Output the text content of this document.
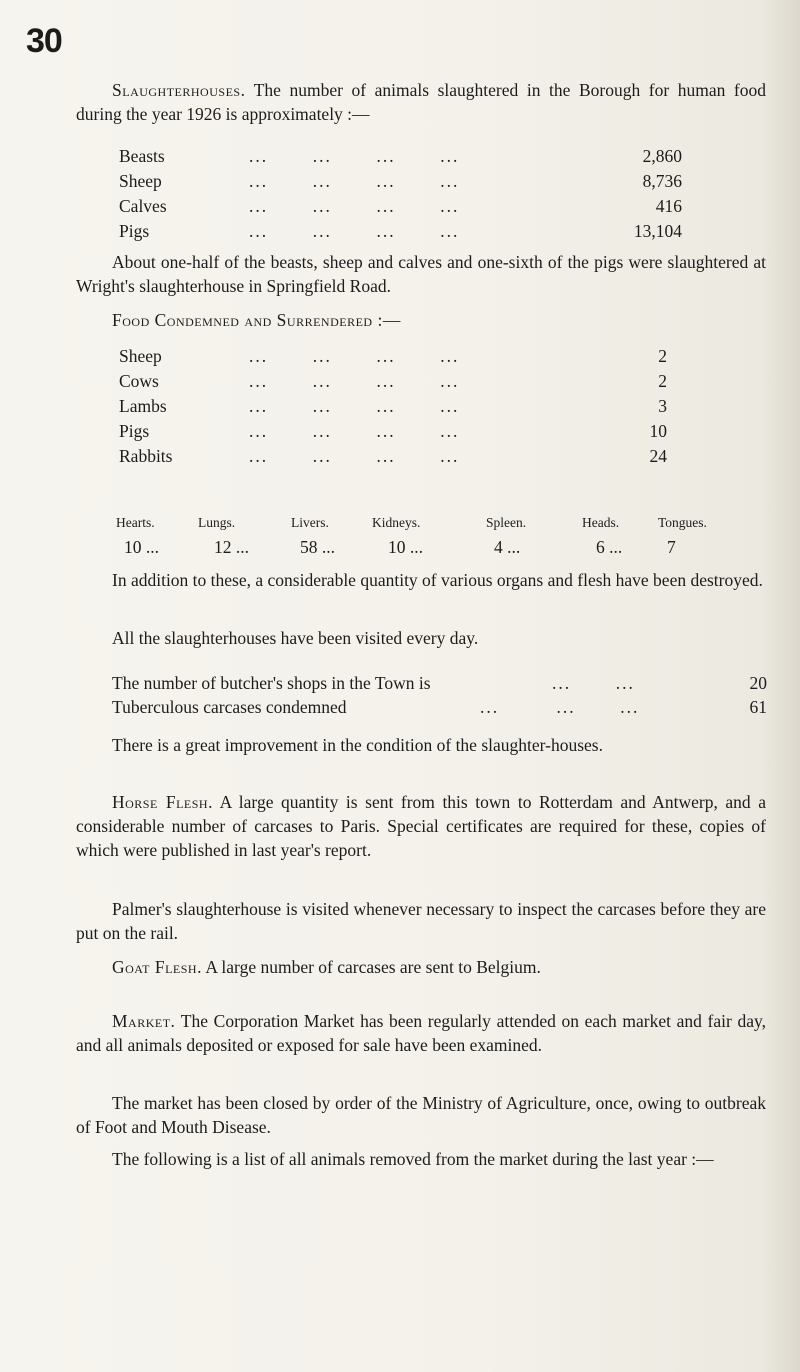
30

Slaughterhouses. The number of animals slaughtered in the Borough for human food during the year 1926 is approximately :—

Beasts	...       ...       ...       ...	2,860
Sheep	...       ...       ...       ...	8,736
Calves	...       ...       ...       ...	416
Pigs	...       ...       ...       ...	13,104

About one-half of the beasts, sheep and calves and one-sixth of the pigs were slaughtered at Wright's slaughterhouse in Springfield Road.

Food Condemned and Surrendered :—
Sheep	...       ...       ...       ...	2
Cows	...       ...       ...       ...	2
Lambs	...       ...       ...       ...	3
Pigs	...       ...       ...       ...	10
Rabbits	...       ...       ...       ...	24
Hearts.	Lungs.	Livers.	Kidneys.	Spleen.	Heads.	Tongues.
10 ...	12 ...	58 ...	10 ...	4 ...	6 ...	7

In addition to these, a considerable quantity of various organs and flesh have been destroyed.

All the slaughterhouses have been visited every day.

The number of butcher's shops in the Town is	...       ...	20
Tuberculous carcases condemned	...         ...       ...	61

There is a great improvement in the condition of the slaughter-houses.

Horse Flesh. A large quantity is sent from this town to Rotterdam and Antwerp, and a considerable number of carcases to Paris. Special certificates are required for these, copies of which were published in last year's report.

Palmer's slaughterhouse is visited whenever necessary to inspect the carcases before they are put on the rail.

Goat Flesh. A large number of carcases are sent to Belgium.

Market. The Corporation Market has been regularly attended on each market and fair day, and all animals deposited or exposed for sale have been examined.

The market has been closed by order of the Ministry of Agriculture, once, owing to outbreak of Foot and Mouth Disease.

The following is a list of all animals removed from the market during the last year :—
